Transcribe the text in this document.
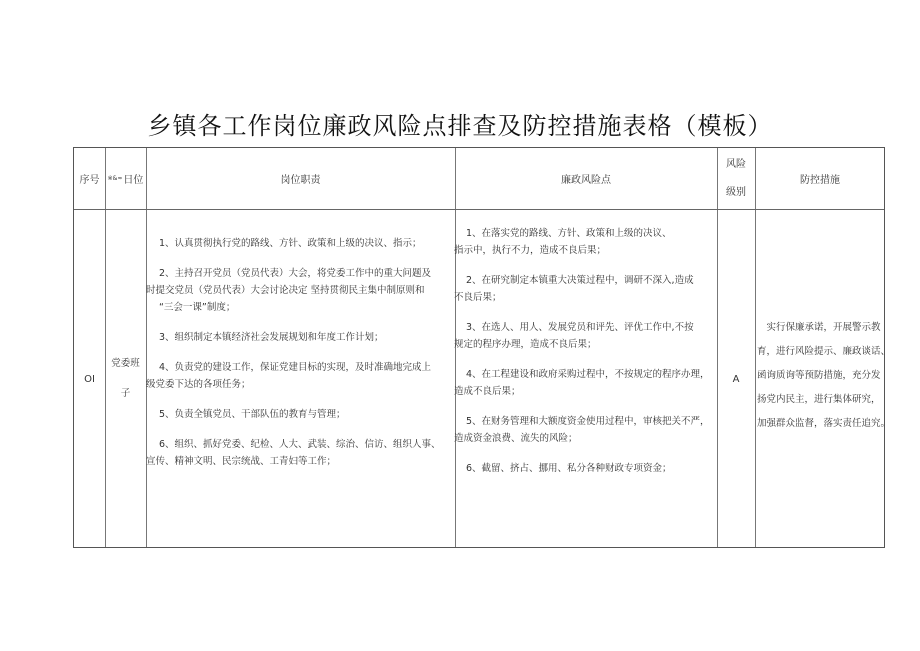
乡镇各工作岗位廉政风险点排查及防控措施表格（模板）
序号 ※&≈ 日位	岗位职责	廉政风险点
风险
级别
防控措施
OI
党委班
子

1、认真贯彻执行党的路线、方针、政策和上级的决议、指示；

2、主持召开党员（党员代表）大会，将党委工作中的重大问题及
时提交党员（党员代表）大会讨论决定 坚持贯彻民主集中制原则和
“三会一课”制度；

3、组织制定本镇经济社会发展规划和年度工作计划；

4、负责党的建设工作，保证党建目标的实现，及时准确地完成上
级党委下达的各项任务；

5、负责全镇党员、干部队伍的教育与管理；

6、组织、抓好党委、纪检、人大、武装、综治、信访、组织人事、
宣传、精神文明、民宗统战、工青妇等工作；

1、在落实党的路线、方针、政策和上级的决议、
指示中，执行不力，造成不良后果；

2、在研究制定本镇重大决策过程中，调研不深入,造成
不良后果；

3、在选人、用人、发展党员和评先、评优工作中,不按
规定的程序办理，造成不良后果；

4、在工程建设和政府采购过程中，不按规定的程序办理，
造成不良后果；

5、在财务管理和大额度资金使用过程中，审核把关不严，
造成资金浪费、流失的风险；

6、截留、挤占、挪用、私分各种财政专项资金；

A
　实行保廉承诺，开展警示教
育，进行风险提示、廉政谈话、
函询质询等预防措施，充分发
扬党内民主，进行集体研究，
加强群众监督，落实责任追究。
